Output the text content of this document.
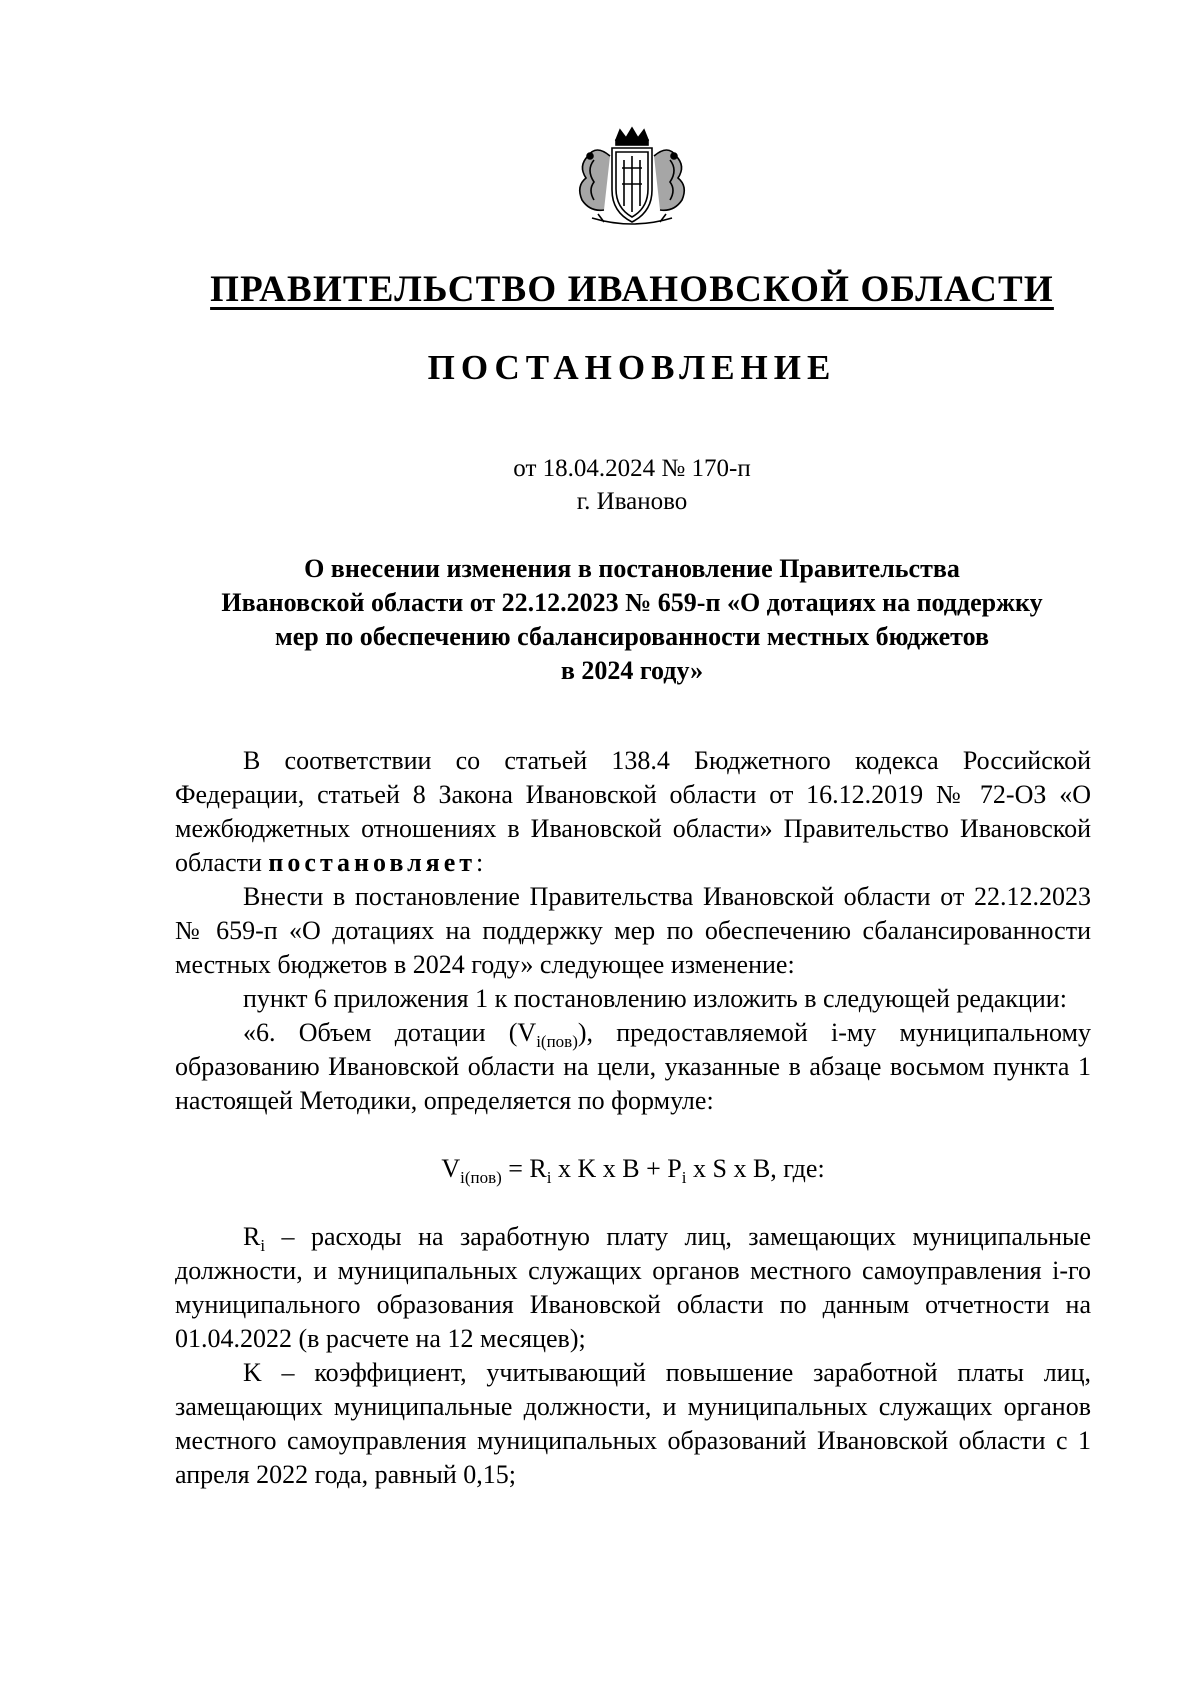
ПРАВИТЕЛЬСТВО ИВАНОВСКОЙ ОБЛАСТИ
ПОСТАНОВЛЕНИЕ
от 18.04.2024 № 170-п
г. Иваново
О внесении изменения в постановление Правительства
Ивановской области от 22.12.2023 № 659-п «О дотациях на поддержку
мер по обеспечению сбалансированности местных бюджетов
в 2024 году»

В соответствии со статьей 138.4 Бюджетного кодекса Российской Федерации, статьей 8 Закона Ивановской области от 16.12.2019 № 72-ОЗ «О межбюджетных отношениях в Ивановской области» Правительство Ивановской области постановляет:

Внести в постановление Правительства Ивановской области от 22.12.2023 № 659-п «О дотациях на поддержку мер по обеспечению сбалансированности местных бюджетов в 2024 году» следующее изменение:

пункт 6 приложения 1 к постановлению изложить в следующей редакции:

«6. Объем дотации $(V_{i(пов)})$, предоставляемой i-му муниципальному образованию Ивановской области на цели, указанные в абзаце восьмом пункта 1 настоящей Методики, определяется по формуле:

$V_{i(пов)} = R_i$ x K x $B + P_i$ x S x B, где:

$R_i$ – расходы на заработную плату лиц, замещающих муниципальные должности, и муниципальных служащих органов местного самоуправления i-го муниципального образования Ивановской области по данным отчетности на 01.04.2022 (в расчете на 12 месяцев);

K – коэффициент, учитывающий повышение заработной платы лиц, замещающих муниципальные должности, и муниципальных служащих органов местного самоуправления муниципальных образований Ивановской области с 1 апреля 2022 года, равный 0,15;
